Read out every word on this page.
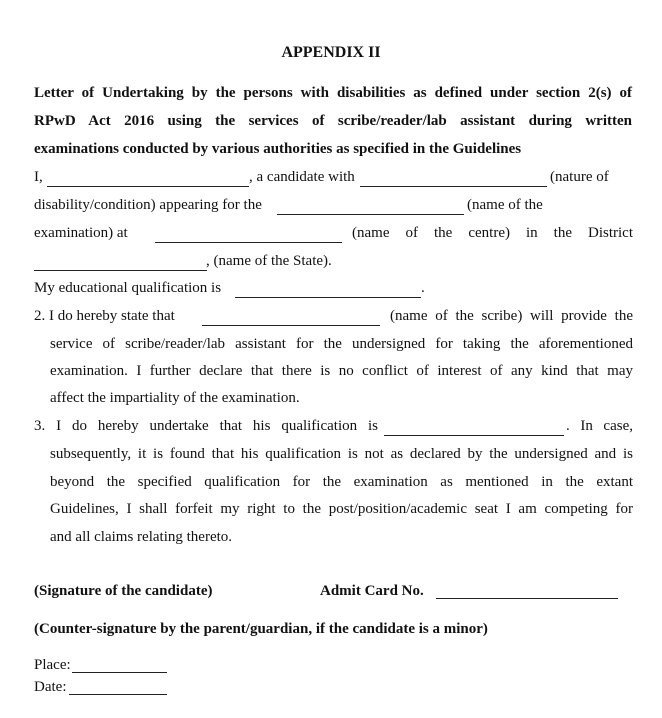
APPENDIX II
Letter of Undertaking by the persons with disabilities as defined under section 2(s) of
RPwD Act 2016 using the services of scribe/reader/lab assistant during written
examinations conducted by various authorities as specified in the Guidelines
I,	, a candidate with	(nature of
disability/condition) appearing for the	(name of the
examination) at	(name of the centre) in the District
, (name of the State).
My educational qualification is	.
2. I do hereby state that	(name of the scribe) will provide the
service of scribe/reader/lab assistant for the undersigned for taking the aforementioned
examination. I further declare that there is no conflict of interest of any kind that may
affect the impartiality of the examination.
3. I do hereby undertake that his qualification is	. In case,
subsequently, it is found that his qualification is not as declared by the undersigned and is
beyond the specified qualification for the examination as mentioned in the extant
Guidelines, I shall forfeit my right to the post/position/academic seat I am competing for
and all claims relating thereto.
(Signature of the candidate)	Admit Card No.
(Counter-signature by the parent/guardian, if the candidate is a minor)
Place:
Date:
